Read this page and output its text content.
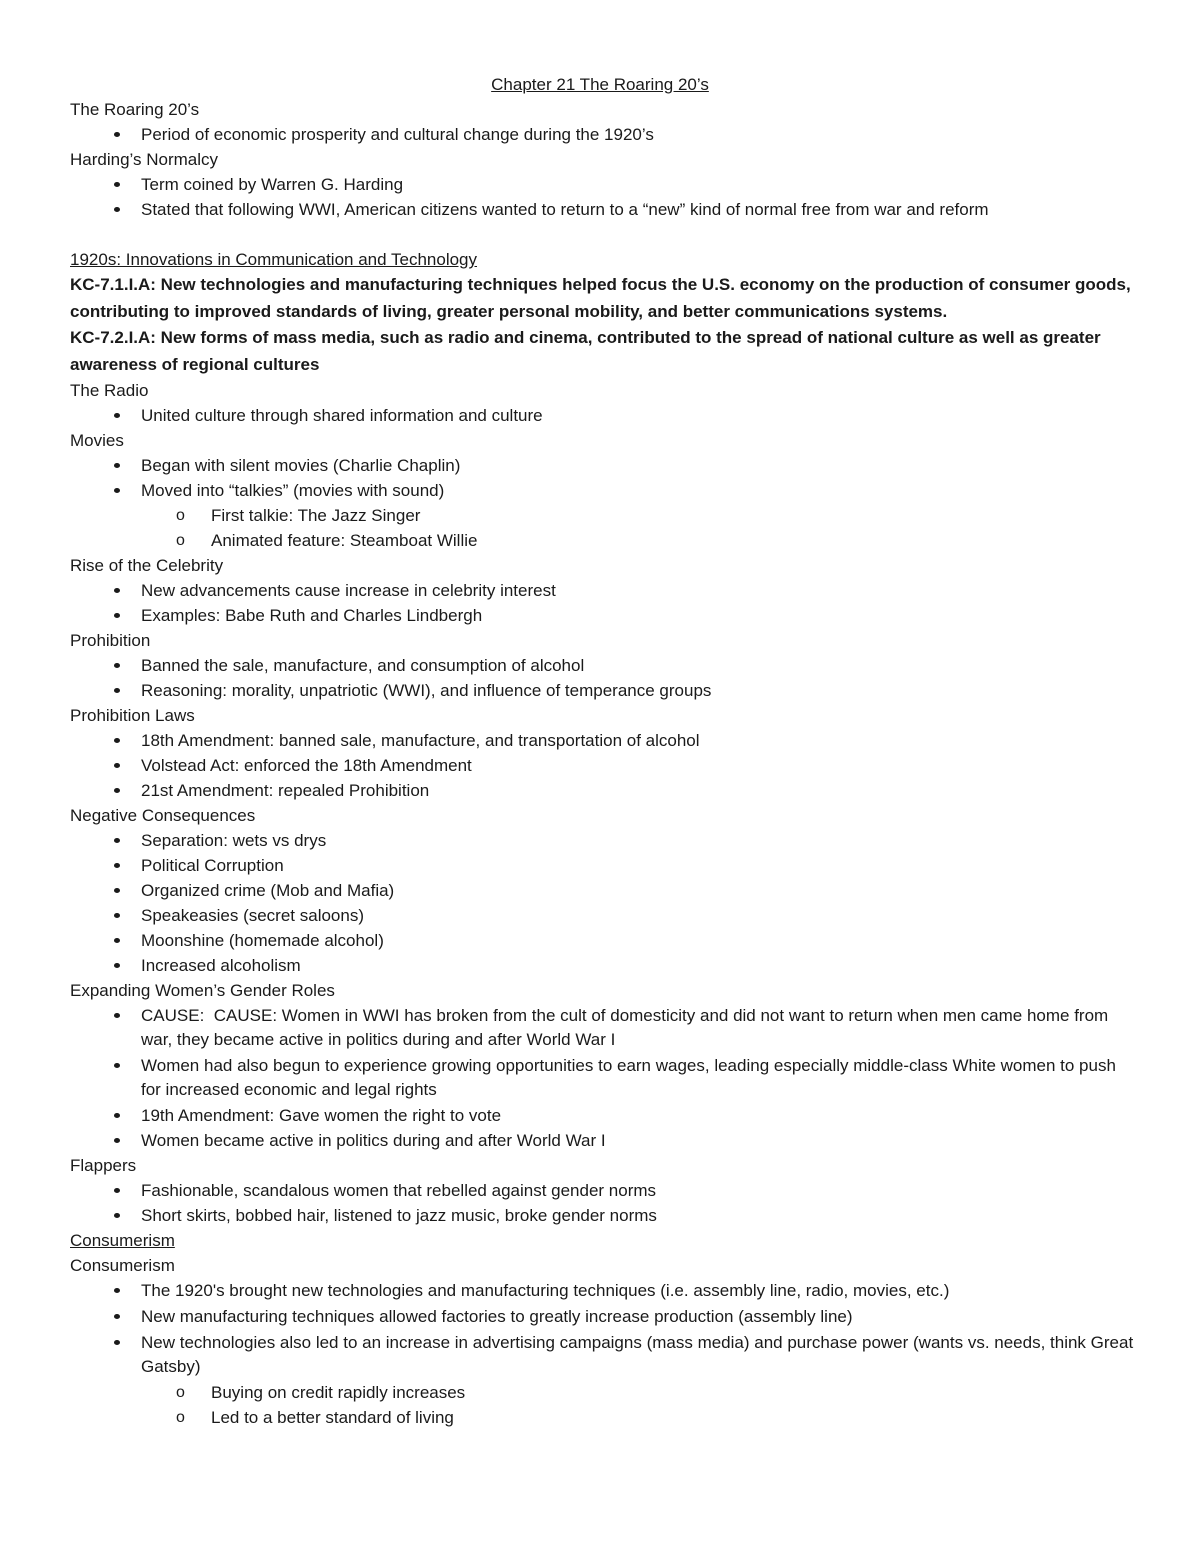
Chapter 21 The Roaring 20’s

The Roaring 20’s

Period of economic prosperity and cultural change during the 1920’s

Harding’s Normalcy

Term coined by Warren G. Harding
Stated that following WWI, American citizens wanted to return to a “new” kind of normal free from war and reform

1920s: Innovations in Communication and Technology

KC-7.1.I.A: New technologies and manufacturing techniques helped focus the U.S. economy on the production of consumer goods, contributing to improved standards of living, greater personal mobility, and better communications systems.

KC-7.2.I.A: New forms of mass media, such as radio and cinema, contributed to the spread of national culture as well as greater awareness of regional cultures

The Radio

United culture through shared information and culture

Movies

Began with silent movies (Charlie Chaplin)
Moved into “talkies” (movies with sound)
o First talkie: The Jazz Singer
o Animated feature: Steamboat Willie

Rise of the Celebrity

New advancements cause increase in celebrity interest
Examples: Babe Ruth and Charles Lindbergh

Prohibition

Banned the sale, manufacture, and consumption of alcohol
Reasoning: morality, unpatriotic (WWI), and influence of temperance groups

Prohibition Laws

18th Amendment: banned sale, manufacture, and transportation of alcohol
Volstead Act: enforced the 18th Amendment
21st Amendment: repealed Prohibition

Negative Consequences

Separation: wets vs drys
Political Corruption
Organized crime (Mob and Mafia)
Speakeasies (secret saloons)
Moonshine (homemade alcohol)
Increased alcoholism

Expanding Women’s Gender Roles

CAUSE: CAUSE: Women in WWI has broken from the cult of domesticity and did not want to return when men came home from war, they became active in politics during and after World War I
Women had also begun to experience growing opportunities to earn wages, leading especially middle-class White women to push for increased economic and legal rights
19th Amendment: Gave women the right to vote
Women became active in politics during and after World War I

Flappers

Fashionable, scandalous women that rebelled against gender norms
Short skirts, bobbed hair, listened to jazz music, broke gender norms

Consumerism

Consumerism

The 1920's brought new technologies and manufacturing techniques (i.e. assembly line, radio, movies, etc.)
New manufacturing techniques allowed factories to greatly increase production (assembly line)
New technologies also led to an increase in advertising campaigns (mass media) and purchase power (wants vs. needs, think Great Gatsby)
o Buying on credit rapidly increases
o Led to a better standard of living
